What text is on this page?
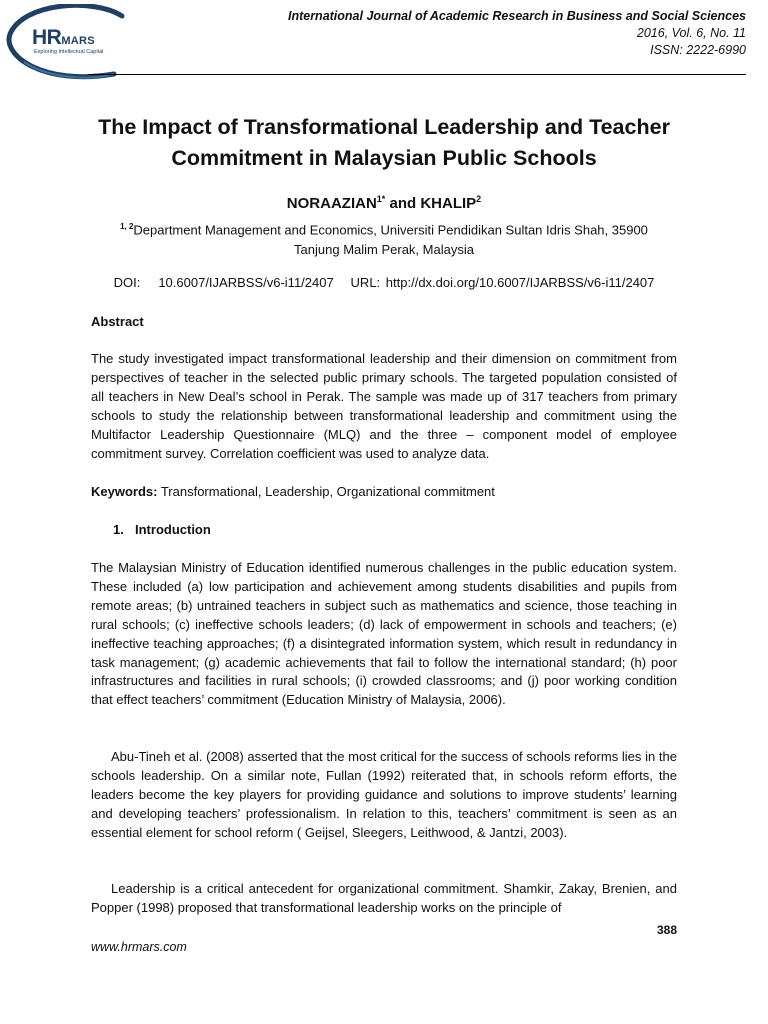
HRMARS
Exploring Intellectual Capital
International Journal of Academic Research in Business and Social Sciences
2016, Vol. 6, No. 11
ISSN: 2222-6990
The Impact of Transformational Leadership and Teacher Commitment in Malaysian Public Schools
$NORAAZIAN^{1*}$ and KHALIP$^2$
$^{1, 2}$Department Management and Economics, Universiti Pendidikan Sultan Idris Shah, 35900
Tanjung Malim Perak, Malaysia
DOI: 10.6007/IJARBSS/v6-i11/2407 URL: http://dx.doi.org/10.6007/IJARBSS/v6-i11/2407
Abstract
The study investigated impact transformational leadership and their dimension on commitment from perspectives of teacher in the selected public primary schools. The targeted population consisted of all teachers in New Deal’s school in Perak. The sample was made up of 317 teachers from primary schools to study the relationship between transformational leadership and commitment using the Multifactor Leadership Questionnaire (MLQ) and the three – component model of employee commitment survey. Correlation coefficient was used to analyze data.
Keywords: Transformational, Leadership, Organizational commitment
1. Introduction
The Malaysian Ministry of Education identified numerous challenges in the public education system. These included (a) low participation and achievement among students disabilities and pupils from remote areas; (b) untrained teachers in subject such as mathematics and science, those teaching in rural schools; (c) ineffective schools leaders; (d) lack of empowerment in schools and teachers; (e) ineffective teaching approaches; (f) a disintegrated information system, which result in redundancy in task management; (g) academic achievements that fail to follow the international standard; (h) poor infrastructures and facilities in rural schools; (i) crowded classrooms; and (j) poor working condition that effect teachers’ commitment (Education Ministry of Malaysia, 2006).
Abu-Tineh et al. (2008) asserted that the most critical for the success of schools reforms lies in the schools leadership. On a similar note, Fullan (1992) reiterated that, in schools reform efforts, the leaders become the key players for providing guidance and solutions to improve students’ learning and developing teachers’ professionalism. In relation to this, teachers’ commitment is seen as an essential element for school reform ( Geijsel, Sleegers, Leithwood, & Jantzi, 2003).
Leadership is a critical antecedent for organizational commitment. Shamkir, Zakay, Brenien, and Popper (1998) proposed that transformational leadership works on the principle of
388
www.hrmars.com
